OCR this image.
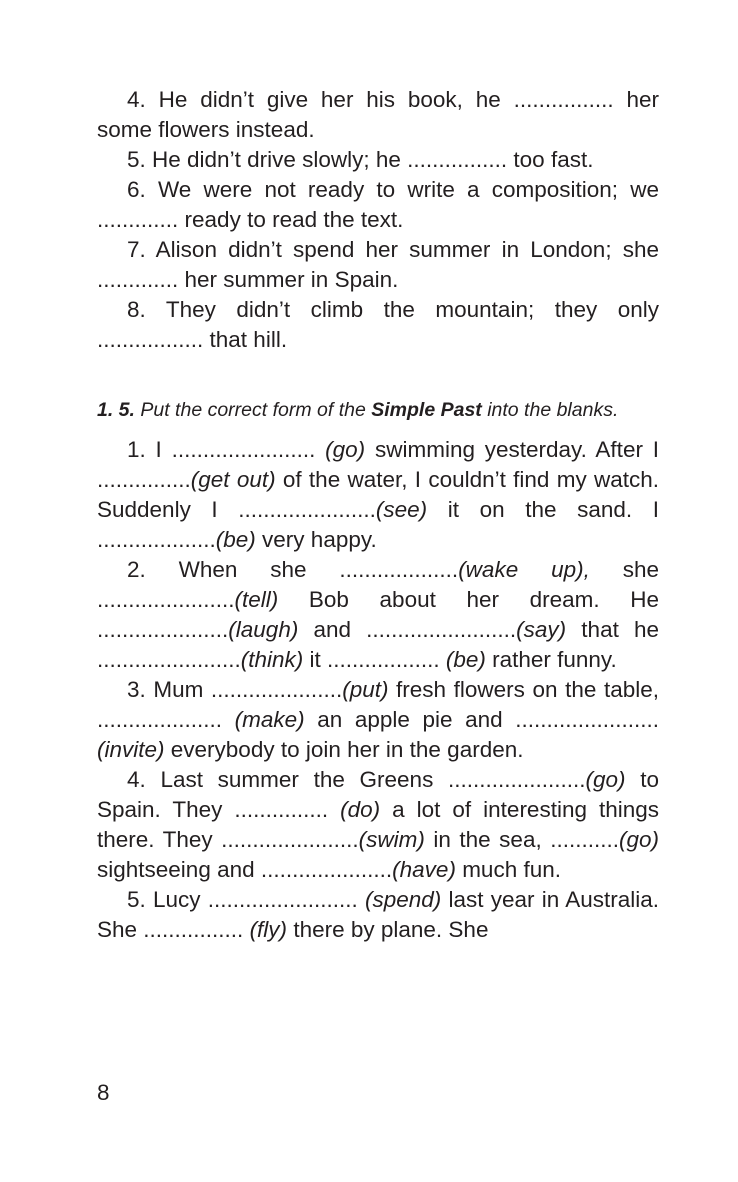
4. He didn’t give her his book, he ................ her some flowers instead.

5. He didn’t drive slowly; he ................ too fast.

6. We were not ready to write a composition; we ............. ready to read the text.

7. Alison didn’t spend her summer in London; she ............. her summer in Spain.

8. They didn’t climb the mountain; they only ................. that hill.

1. 5. Put the correct form of the Simple Past into the blanks.

1. I ....................... (go) swimming yesterday. After I ...............(get out) of the water, I couldn’t find my watch. Suddenly I ......................(see) it on the sand. I ...................(be) very happy.

2. When she ...................(wake up), she ......................(tell) Bob about her dream. He .....................(laugh) and ........................(say) that he .......................(think) it .................. (be) rather funny.

3. Mum .....................(put) fresh flowers on the table, .................... (make) an apple pie and .......................(invite) everybody to join her in the garden.

4. Last summer the Greens ......................(go) to Spain. They ............... (do) a lot of interesting things there. They ......................(swim) in the sea, ...........(go) sightseeing and .....................(have) much fun.

5. Lucy ........................ (spend) last year in Australia. She ................ (fly) there by plane. She

8
